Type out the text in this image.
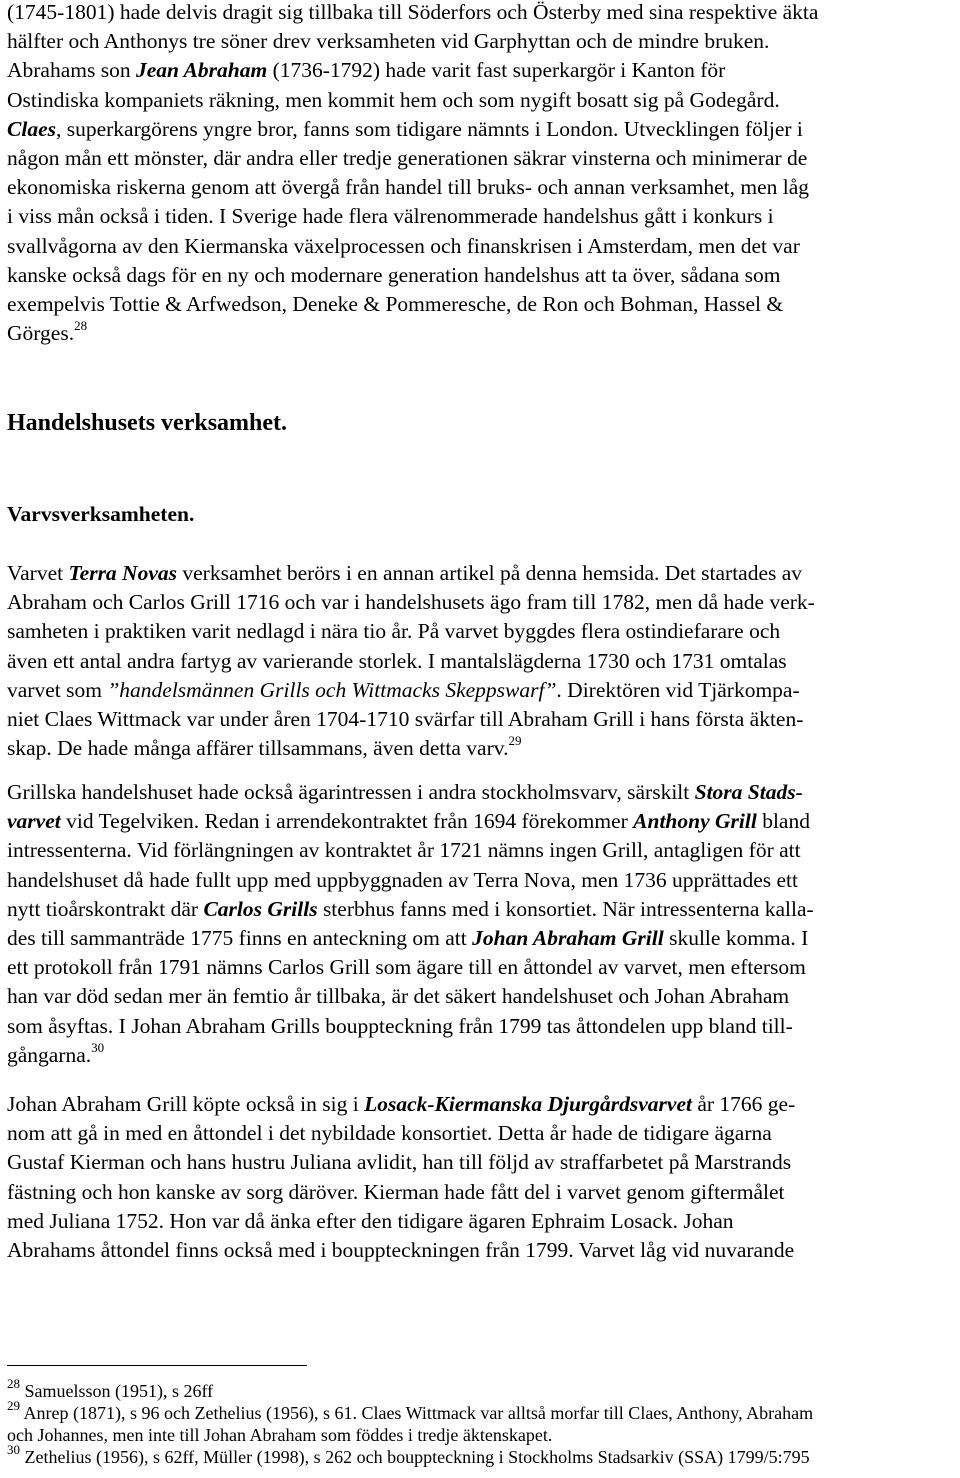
(1745-1801) hade delvis dragit sig tillbaka till Söderfors och Österby med sina respektive äkta
hälfter och Anthonys tre söner drev verksamheten vid Garphyttan och de mindre bruken.
Abrahams son Jean Abraham (1736-1792) hade varit fast superkargör i Kanton för
Ostindiska kompaniets räkning, men kommit hem och som nygift bosatt sig på Godegård.
Claes, superkargörens yngre bror, fanns som tidigare nämnts i London. Utvecklingen följer i
någon mån ett mönster, där andra eller tredje generationen säkrar vinsterna och minimerar de
ekonomiska riskerna genom att övergå från handel till bruks- och annan verksamhet, men låg
i viss mån också i tiden. I Sverige hade flera välrenommerade handelshus gått i konkurs i
svallvågorna av den Kiermanska växelprocessen och finanskrisen i Amsterdam, men det var
kanske också dags för en ny och modernare generation handelshus att ta över, sådana som
exempelvis Tottie & Arfwedson, Deneke & Pommeresche, de Ron och Bohman, Hassel &
Görges.$^{28}$
Handelshusets verksamhet.
Varvsverksamheten.
Varvet Terra Novas verksamhet berörs i en annan artikel på denna hemsida. Det startades av
Abraham och Carlos Grill 1716 och var i handelshusets ägo fram till 1782, men då hade verk-
samheten i praktiken varit nedlagd i nära tio år. På varvet byggdes flera ostindiefarare och
även ett antal andra fartyg av varierande storlek. I mantalslägderna 1730 och 1731 omtalas
varvet som ”handelsmännen Grills och Wittmacks Skeppswarf”. Direktören vid Tjärkompa-
niet Claes Wittmack var under åren 1704-1710 svärfar till Abraham Grill i hans första äkten-
skap. De hade många affärer tillsammans, även detta varv.$^{29}$
Grillska handelshuset hade också ägarintressen i andra stockholmsvarv, särskilt Stora Stads-
varvet vid Tegelviken. Redan i arrendekontraktet från 1694 förekommer Anthony Grill bland
intressenterna. Vid förlängningen av kontraktet år 1721 nämns ingen Grill, antagligen för att
handelshuset då hade fullt upp med uppbyggnaden av Terra Nova, men 1736 upprättades ett
nytt tioårskontrakt där Carlos Grills sterbhus fanns med i konsortiet. När intressenterna kalla-
des till sammanträde 1775 finns en anteckning om att Johan Abraham Grill skulle komma. I
ett protokoll från 1791 nämns Carlos Grill som ägare till en åttondel av varvet, men eftersom
han var död sedan mer än femtio år tillbaka, är det säkert handelshuset och Johan Abraham
som åsyftas. I Johan Abraham Grills bouppteckning från 1799 tas åttondelen upp bland till-
gångarna.$^{30}$
Johan Abraham Grill köpte också in sig i Losack-Kiermanska Djurgårdsvarvet år 1766 ge-
nom att gå in med en åttondel i det nybildade konsortiet. Detta år hade de tidigare ägarna
Gustaf Kierman och hans hustru Juliana avlidit, han till följd av straffarbetet på Marstrands
fästning och hon kanske av sorg däröver. Kierman hade fått del i varvet genom giftermålet
med Juliana 1752. Hon var då änka efter den tidigare ägaren Ephraim Losack. Johan
Abrahams åttondel finns också med i bouppteckningen från 1799. Varvet låg vid nuvarande
$^{28}$ Samuelsson (1951), s 26ff
$^{29}$ Anrep (1871), s 96 och Zethelius (1956), s 61. Claes Wittmack var alltså morfar till Claes, Anthony, Abraham
och Johannes, men inte till Johan Abraham som föddes i tredje äktenskapet.
$^{30}$ Zethelius (1956), s 62ff, Müller (1998), s 262 och bouppteckning i Stockholms Stadsarkiv (SSA) 1799/5:795
